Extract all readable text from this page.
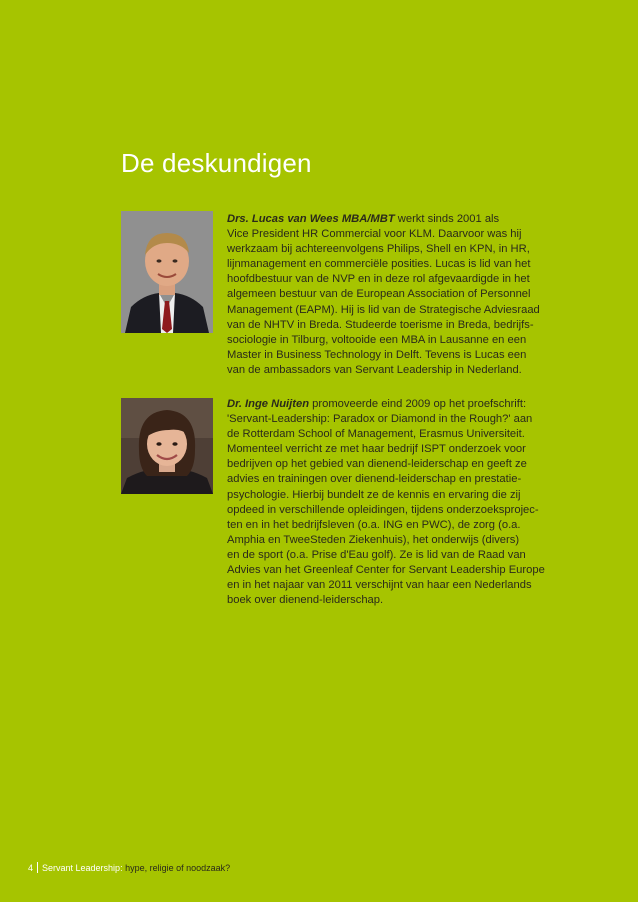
De deskundigen
Drs. Lucas van Wees MBA/MBT werkt sinds 2001 als
Vice President HR Commercial voor KLM. Daarvoor was hij
werkzaam bij achtereenvolgens Philips, Shell en KPN, in HR,
lijnmanagement en commerciële posities. Lucas is lid van het
hoofdbestuur van de NVP en in deze rol afgevaardigde in het
algemeen bestuur van de European Association of Personnel
Management (EAPM). Hij is lid van de Strategische Adviesraad
van de NHTV in Breda. Studeerde toerisme in Breda, bedrijfs-
sociologie in Tilburg, voltooide een MBA in Lausanne en een
Master in Business Technology in Delft. Tevens is Lucas een
van de ambassadors van Servant Leadership in Nederland.
Dr. Inge Nuijten promoveerde eind 2009 op het proefschrift:
'Servant-Leadership: Paradox or Diamond in the Rough?' aan
de Rotterdam School of Management, Erasmus Universiteit.
Momenteel verricht ze met haar bedrijf ISPT onderzoek voor
bedrijven op het gebied van dienend-leiderschap en geeft ze
advies en trainingen over dienend-leiderschap en prestatie-
psychologie. Hierbij bundelt ze de kennis en ervaring die zij
opdeed in verschillende opleidingen, tijdens onderzoeksprojec-
ten en in het bedrijfsleven (o.a. ING en PWC), de zorg (o.a.
Amphia en TweeSteden Ziekenhuis), het onderwijs (divers)
en de sport (o.a. Prise d'Eau golf). Ze is lid van de Raad van
Advies van het Greenleaf Center for Servant Leadership Europe
en in het najaar van 2011 verschijnt van haar een Nederlands
boek over dienend-leiderschap.
4 Servant Leadership: hype, religie of noodzaak?
